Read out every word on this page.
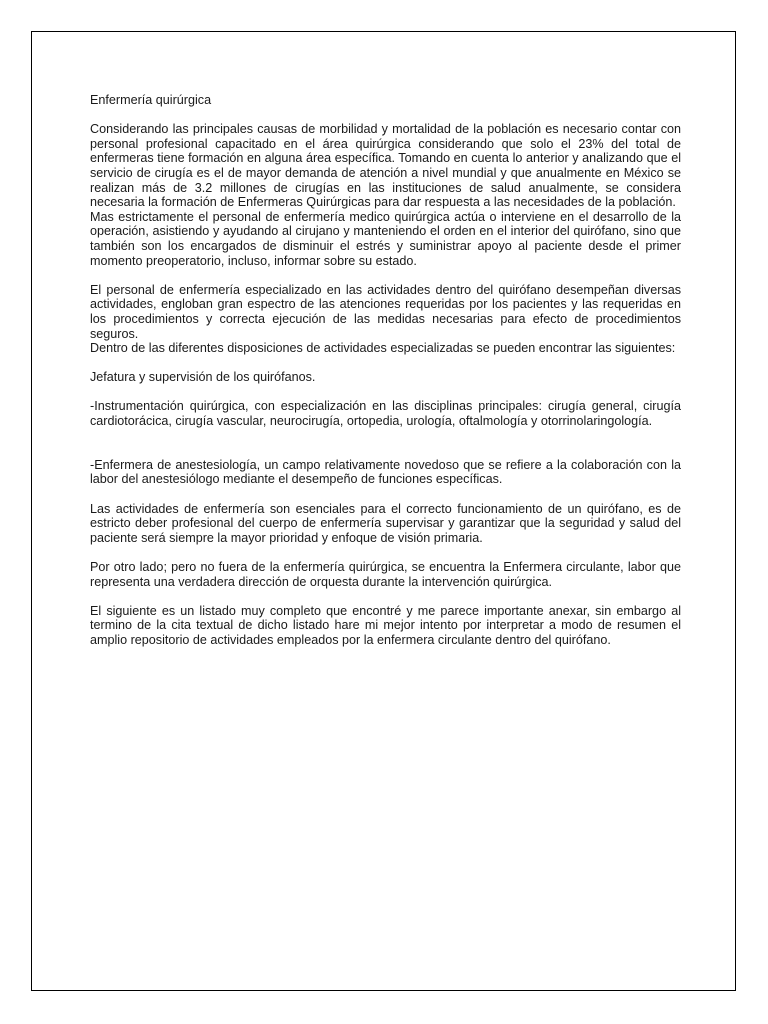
Enfermería quirúrgica

Considerando las principales causas de morbilidad y mortalidad de la población es necesario contar con personal profesional capacitado en el área quirúrgica considerando que solo el 23% del total de enfermeras tiene formación en alguna área específica. Tomando en cuenta lo anterior y analizando que el servicio de cirugía es el de mayor demanda de atención a nivel mundial y que anualmente en México se realizan más de 3.2 millones de cirugías en las instituciones de salud anualmente, se considera necesaria la formación de Enfermeras Quirúrgicas para dar respuesta a las necesidades de la población.

Mas estrictamente el personal de enfermería medico quirúrgica actúa o interviene en el desarrollo de la operación, asistiendo y ayudando al cirujano y manteniendo el orden en el interior del quirófano, sino que también son los encargados de disminuir el estrés y suministrar apoyo al paciente desde el primer momento preoperatorio, incluso, informar sobre su estado.

El personal de enfermería especializado en las actividades dentro del quirófano desempeñan diversas actividades, engloban gran espectro de las atenciones requeridas por los pacientes y las requeridas en los procedimientos y correcta ejecución de las medidas necesarias para efecto de procedimientos seguros.

Dentro de las diferentes disposiciones de actividades especializadas se pueden encontrar las siguientes:

Jefatura y supervisión de los quirófanos.

-Instrumentación quirúrgica, con especialización en las disciplinas principales: cirugía general, cirugía cardiotorácica, cirugía vascular, neurocirugía, ortopedia, urología, oftalmología y otorrinolaringología.

-Enfermera de anestesiología, un campo relativamente novedoso que se refiere a la colaboración con la labor del anestesiólogo mediante el desempeño de funciones específicas.

Las actividades de enfermería son esenciales para el correcto funcionamiento de un quirófano, es de estricto deber profesional del cuerpo de enfermería supervisar y garantizar que la seguridad y salud del paciente será siempre la mayor prioridad y enfoque de visión primaria.

Por otro lado; pero no fuera de la enfermería quirúrgica, se encuentra la Enfermera circulante, labor que representa una verdadera dirección de orquesta durante la intervención quirúrgica.

El siguiente es un listado muy completo que encontré y me parece importante anexar, sin embargo al termino de la cita textual de dicho listado hare mi mejor intento por interpretar a modo de resumen el amplio repositorio de actividades empleados por la enfermera circulante dentro del quirófano.
